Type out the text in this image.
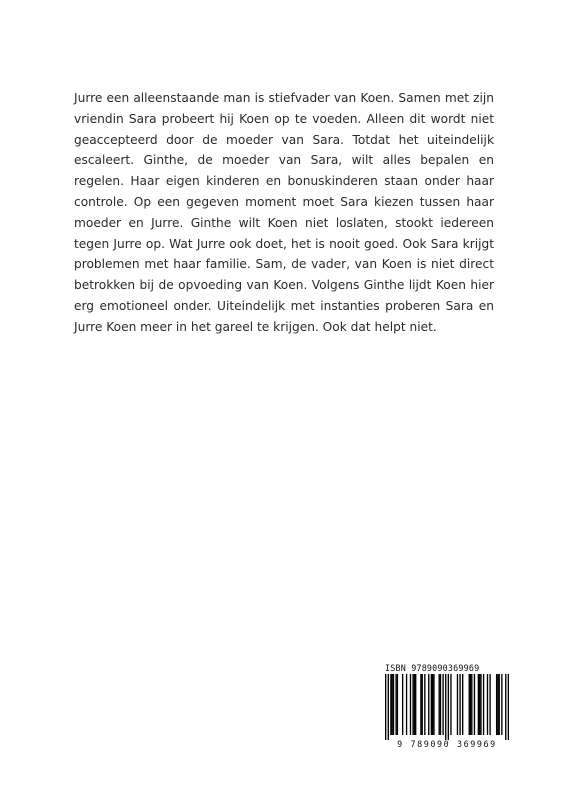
Jurre een alleenstaande man is stiefvader van Koen. Samen met zijn vriendin Sara probeert hij Koen op te voeden. Alleen dit wordt niet geaccepteerd door de moeder van Sara. Totdat het uiteindelijk escaleert. Ginthe, de moeder van Sara, wilt alles bepalen en regelen. Haar eigen kinderen en bonuskinderen staan onder haar controle. Op een gegeven moment moet Sara kiezen tussen haar moeder en Jurre. Ginthe wilt Koen niet loslaten, stookt iedereen tegen Jurre op. Wat Jurre ook doet, het is nooit goed. Ook Sara krijgt problemen met haar familie. Sam, de vader, van Koen is niet direct betrokken bij de opvoeding van Koen. Volgens Ginthe lijdt Koen hier erg emotioneel onder. Uiteindelijk met instanties proberen Sara en Jurre Koen meer in het gareel te krijgen. Ook dat helpt niet.

ISBN 9789090369969
9 789090 369969
